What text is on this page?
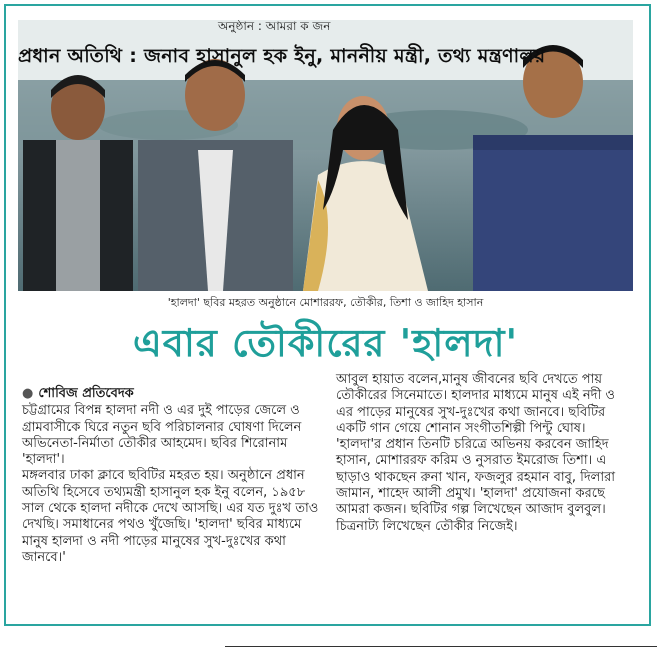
অনুষ্ঠান : আমরা ক জন
প্রধান অতিথি : জনাব হাসানুল হক ইনু, মাননীয় মন্ত্রী, তথ্য মন্ত্রণালয়
'হালদা' ছবির মহরত অনুষ্ঠানে মোশাররফ, তৌকীর, তিশা ও জাহিদ হাসান
এবার তৌকীরের 'হালদা'
● শোবিজ প্রতিবেদক

চট্টগ্রামের বিপন্ন হালদা নদী ও এর দুই পাড়ের জেলে ও গ্রামবাসীকে ঘিরে নতুন ছবি পরিচালনার ঘোষণা দিলেন অভিনেতা-নির্মাতা তৌকীর আহমেদ। ছবির শিরোনাম 'হালদা'।

মঙ্গলবার ঢাকা ক্লাবে ছবিটির মহরত হয়। অনুষ্ঠানে প্রধান অতিথি হিসেবে তথ্যমন্ত্রী হাসানুল হক ইনু বলেন, ১৯৫৮ সাল থেকে হালদা নদীকে দেখে আসছি। এর যত দুঃখ তাও দেখছি। সমাধানের পথও খুঁজেছি। 'হালদা' ছবির মাধ্যমে মানুষ হালদা ও নদী পাড়ের মানুষের সুখ-দুঃখের কথা জানবে।'

আবুল হায়াত বলেন,মানুষ জীবনের ছবি দেখতে পায় তৌকীরের সিনেমাতে। হালদার মাধ্যমে মানুষ এই নদী ও এর পাড়ের মানুষের সুখ-দুঃখের কথা জানবে। ছবিটির একটি গান গেয়ে শোনান সংগীতশিল্পী পিন্টু ঘোষ।

'হালদা'র প্রধান তিনটি চরিত্রে অভিনয় করবেন জাহিদ হাসান, মোশাররফ করিম ও নুসরাত ইমরোজ তিশা। এ ছাড়াও থাকছেন রুনা খান, ফজলুর রহমান বাবু, দিলারা জামান, শাহেদ আলী প্রমুখ। 'হালদা' প্রযোজনা করছে আমরা কজন। ছবিটির গল্প লিখেছেন আজাদ বুলবুল। চিত্রনাট্য লিখেছেন তৌকীর নিজেই।
